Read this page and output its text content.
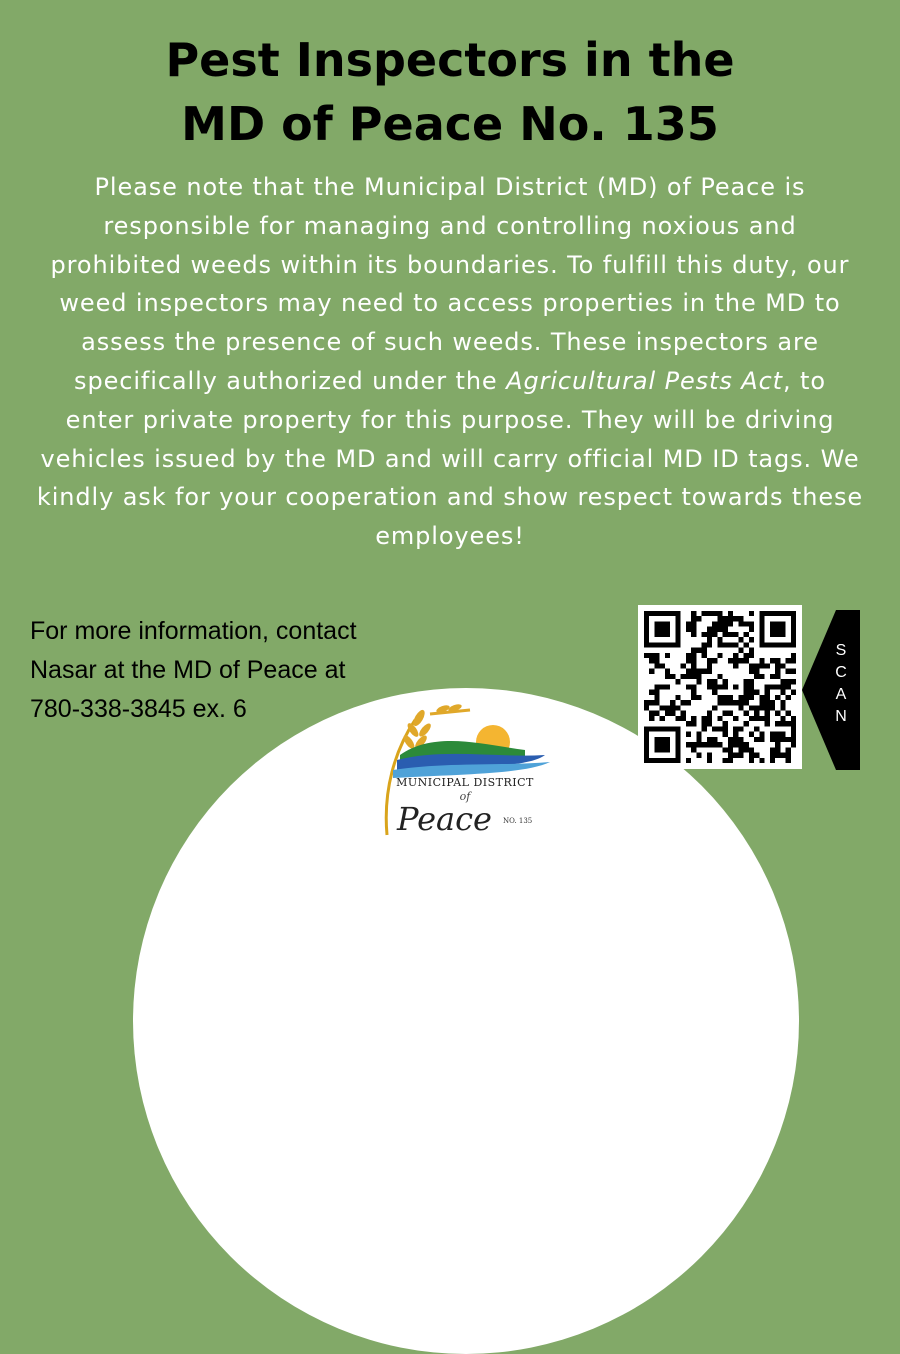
Pest Inspectors in the
MD of Peace No. 135
Please note that the Municipal District (MD) of Peace is responsible for managing and controlling noxious and prohibited weeds within its boundaries. To fulfill this duty, our weed inspectors may need to access properties in the MD to assess the presence of such weeds. These inspectors are specifically authorized under the Agricultural Pests Act, to enter private property for this purpose. They will be driving vehicles issued by the MD and will carry official MD ID tags. We kindly ask for your cooperation and show respect towards these employees!
For more information, contact
Nasar at the MD of Peace at
780-338-3845 ex. 6
MUNICIPAL DISTRICT
of
Peace NO. 135
S
C
A
N
